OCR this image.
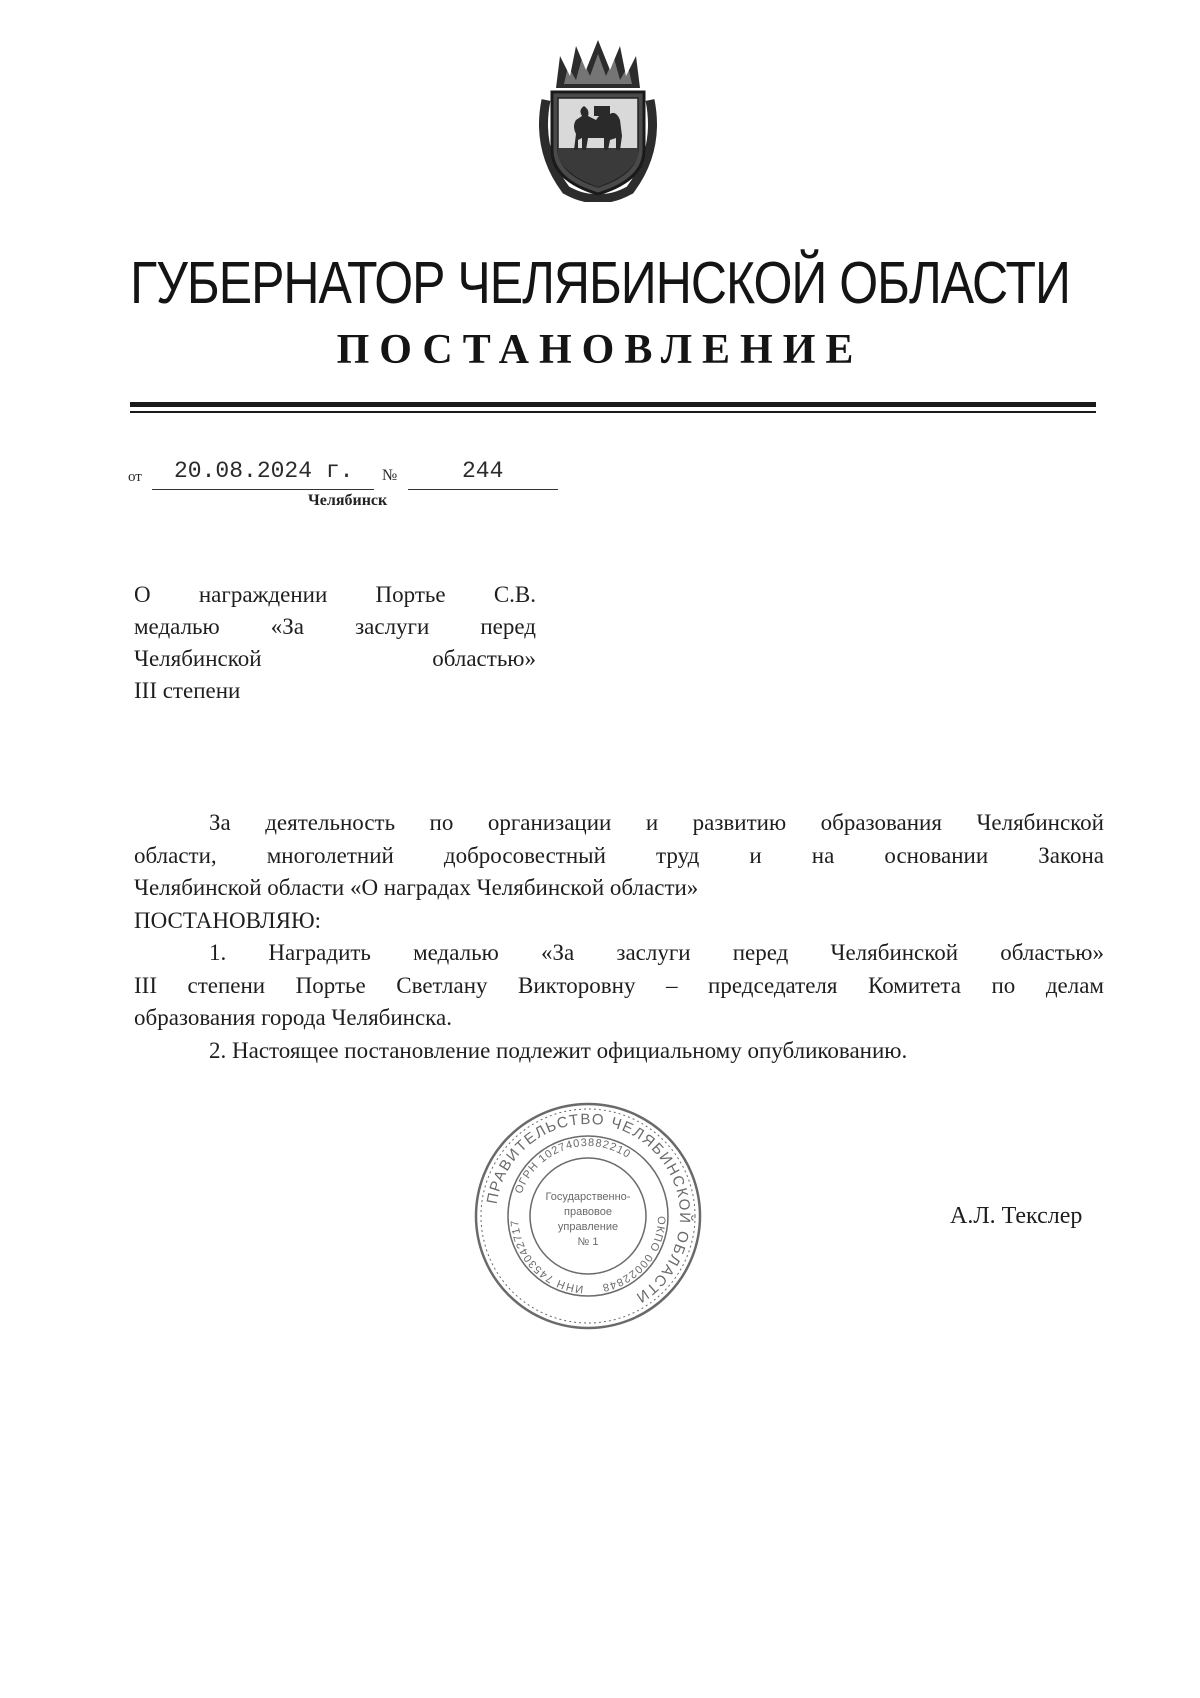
ГУБЕРНАТОР ЧЕЛЯБИНСКОЙ ОБЛАСТИ
ПОСТАНОВЛЕНИЕ
от 20.08.2024 г. №	244
Челябинск
О награждении Портье С.В.
медалью «За заслуги перед
Челябинской областью»
III степени

За деятельность по организации и развитию образования Челябинской

области, многолетний добросовестный труд и на основании Закона

Челябинской области «О наградах Челябинской области»

ПОСТАНОВЛЯЮ:

1. Наградить медалью «За заслуги перед Челябинской областью»

III степени Портье Светлану Викторовну – председателя Комитета по делам

образования города Челябинска.

2. Настоящее постановление подлежит официальному опубликованию.

ПРАВИТЕЛЬСТВО ЧЕЛЯБИНСКОЙ ОБЛАСТИ
ОГРН 1027403882210
ОКПО 00022848
ИНН 7453042717
Государственно-
правовое
управление
№ 1
А.Л. Текслер
